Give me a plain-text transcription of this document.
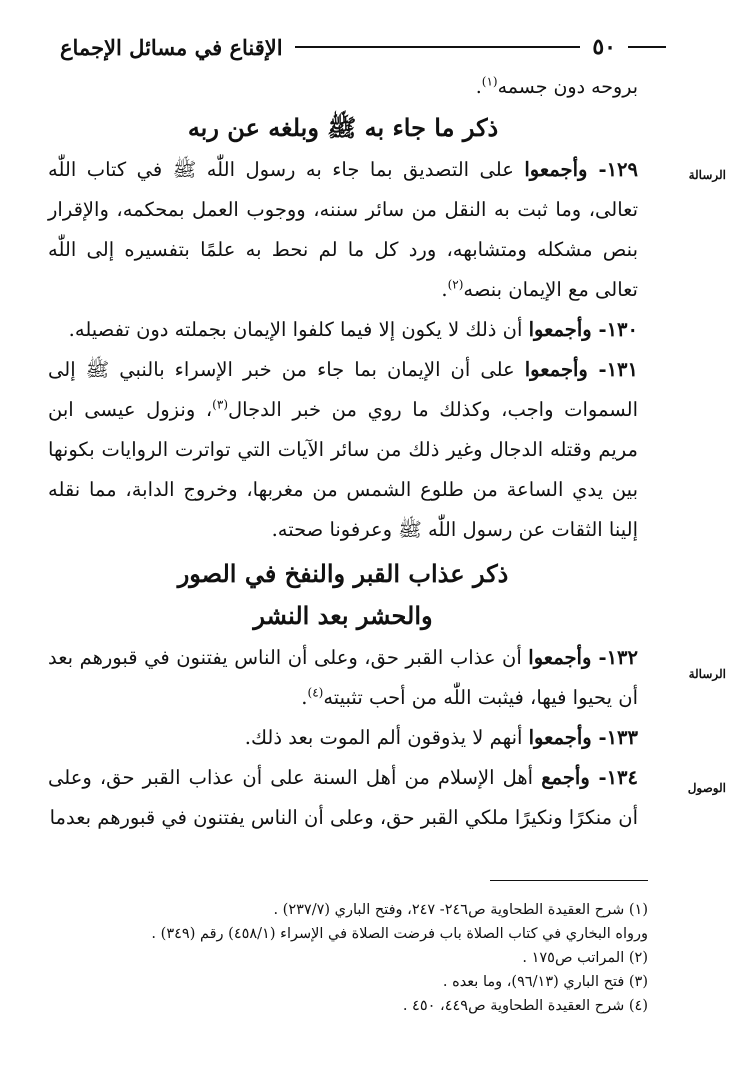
٥٠
الإقناع في مسائل الإجماع
الرسالة
الرسالة
الوصول
بروحه دون جسمه$^{(١)}$.
ذكر ما جاء به ﷺ وبلغه عن ربه

١٢٩- وأجمعوا على التصديق بما جاء به رسول اللّٰه ﷺ في كتاب اللّٰه تعالى، وما ثبت به النقل من سائر سننه، ووجوب العمل بمحكمه، والإقرار بنص مشكله ومتشابهه، ورد كل ما لم نحط به علمًا بتفسيره إلى اللّٰه تعالى مع الإيمان بنصه$^{(٢)}$.

١٣٠- وأجمعوا أن ذلك لا يكون إلا فيما كلفوا الإيمان بجملته دون تفصيله.

١٣١- وأجمعوا على أن الإيمان بما جاء من خبر الإسراء بالنبي ﷺ إلى السموات واجب، وكذلك ما روي من خبر الدجال$^{(٣)}$، ونزول عيسى ابن مريم وقتله الدجال وغير ذلك من سائر الآيات التي تواترت الروايات بكونها بين يدي الساعة من طلوع الشمس من مغربها، وخروج الدابة، مما نقله إلينا الثقات عن رسول اللّٰه ﷺ وعرفونا صحته.

ذكر عذاب القبر والنفخ في الصور
والحشر بعد النشر

١٣٢- وأجمعوا أن عذاب القبر حق، وعلى أن الناس يفتنون في قبورهم بعد أن يحيوا فيها، فيثبت اللّٰه من أحب تثبيته$^{(٤)}$.

١٣٣- وأجمعوا أنهم لا يذوقون ألم الموت بعد ذلك.

١٣٤- وأجمع أهل الإسلام من أهل السنة على أن عذاب القبر حق، وعلى أن منكرًا ونكيرًا ملكي القبر حق، وعلى أن الناس يفتنون في قبورهم بعدما

(١) شرح العقيدة الطحاوية ص٢٤٦- ٢٤٧، وفتح الباري (٢٣٧/٧) .

ورواه البخاري في كتاب الصلاة باب فرضت الصلاة في الإسراء (٤٥٨/١) رقم (٣٤٩) .

(٢) المراتب ص١٧٥ .

(٣) فتح الباري (٩٦/١٣)، وما بعده .

(٤) شرح العقيدة الطحاوية ص٤٤٩، ٤٥٠ .
